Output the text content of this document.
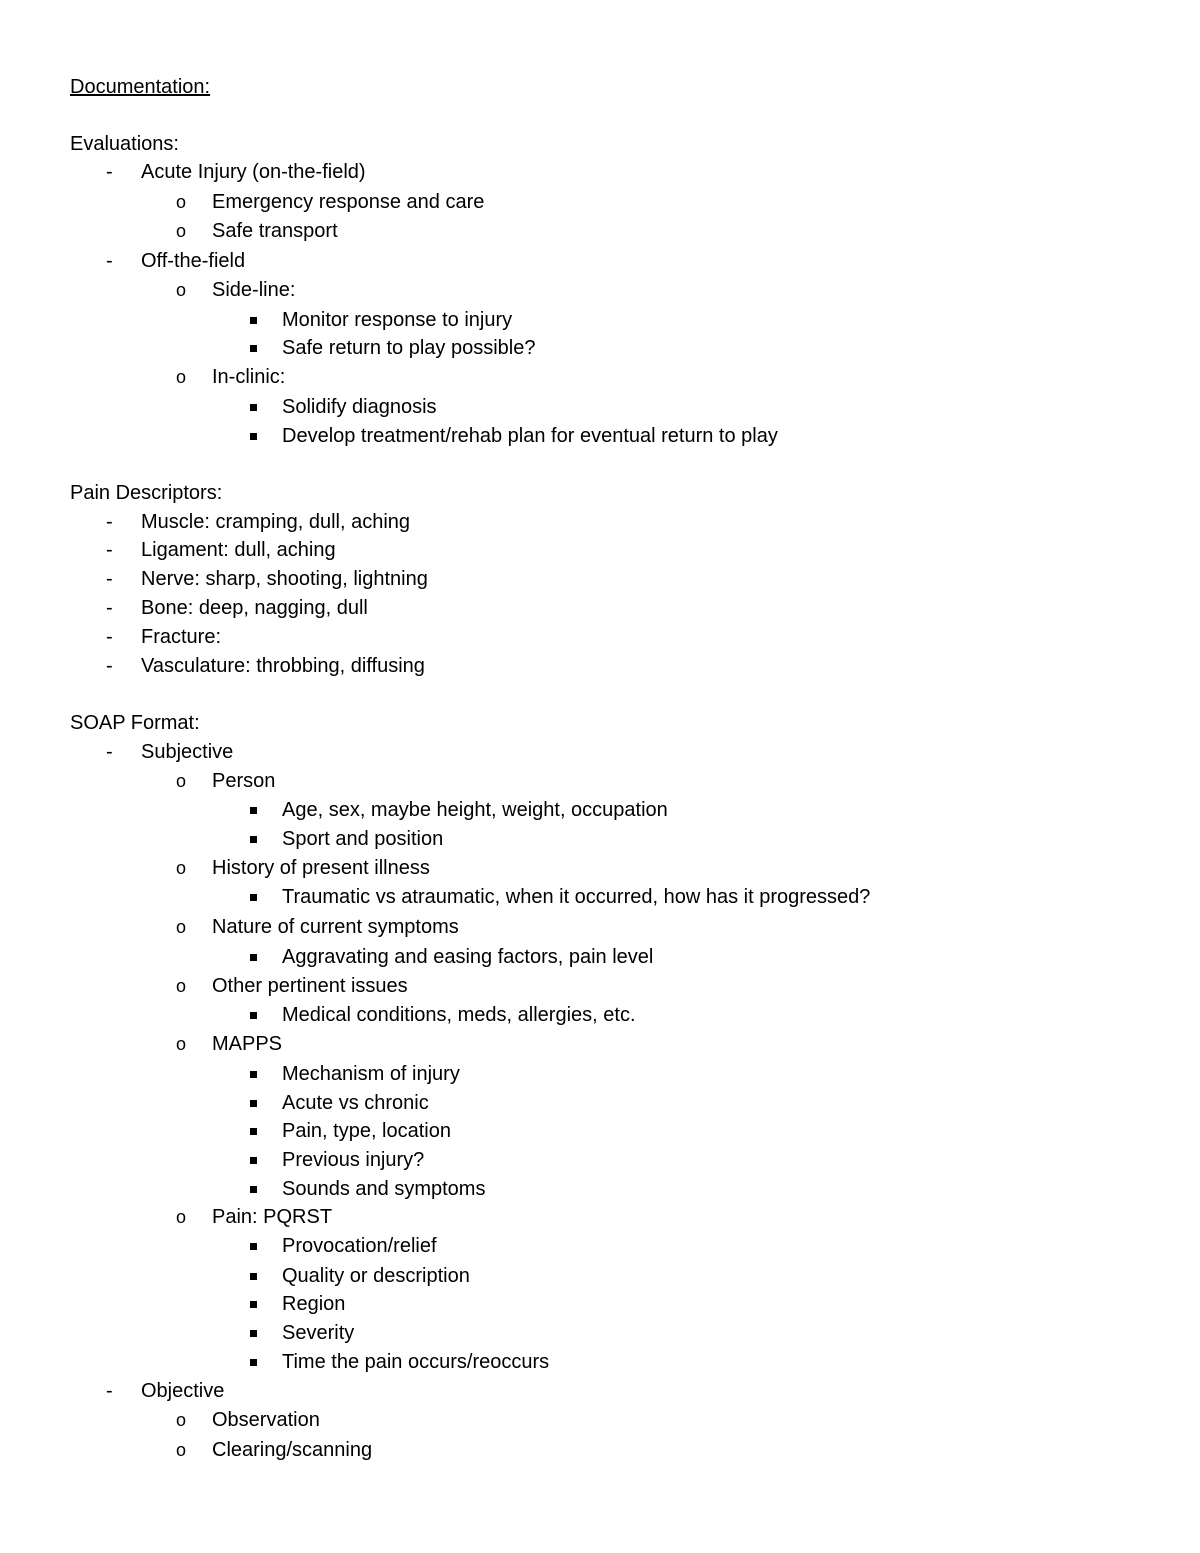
Documentation:
Evaluations:
- Acute Injury (on-the-field)
o Emergency response and care
o Safe transport
- Off-the-field
o Side-line:
Monitor response to injury
Safe return to play possible?
o In-clinic:
Solidify diagnosis
Develop treatment/rehab plan for eventual return to play
Pain Descriptors:
- Muscle: cramping, dull, aching
- Ligament: dull, aching
- Nerve: sharp, shooting, lightning
- Bone: deep, nagging, dull
- Fracture:
- Vasculature: throbbing, diffusing
SOAP Format:
- Subjective
o Person
Age, sex, maybe height, weight, occupation
Sport and position
o History of present illness
Traumatic vs atraumatic, when it occurred, how has it progressed?
o Nature of current symptoms
Aggravating and easing factors, pain level
o Other pertinent issues
Medical conditions, meds, allergies, etc.
o MAPPS
Mechanism of injury
Acute vs chronic
Pain, type, location
Previous injury?
Sounds and symptoms
o Pain: PQRST
Provocation/relief
Quality or description
Region
Severity
Time the pain occurs/reoccurs
- Objective
o Observation
o Clearing/scanning
